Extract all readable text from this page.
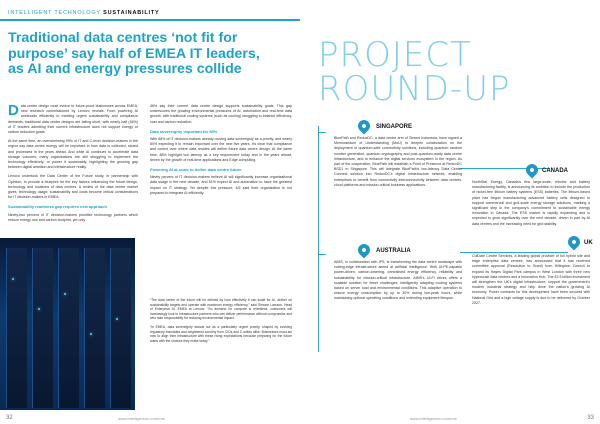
INTELLIGENT TECHNOLOGY SUSTAINABILITY
Traditional data centres ‘not fit for purpose’ say half of EMEA IT leaders, as AI and energy pressures collide

Data centre design must evolve to future-proof businesses across EMEA, new research commissioned by Lenovo reveals. From powering AI workloads efficiently to meeting urgent sustainability and compliance demands, traditional data centre designs are falling short, with nearly half (46%) of IT leaders admitting their current infrastructure does not support energy or carbon reduction goals.

At the same time, an overwhelming 99% of IT and C-level decision-makers in the region say data centre energy will be important in how data is collected, stored and processed in the years ahead. And while AI continues to accelerate data storage volumes, many organisations are still struggling to implement the technology effectively, or power it sustainably, highlighting the growing gap between digital ambition and infrastructure reality.

Lenovo undertook the Data Center of the Future study, in partnership with Opinium, to provide a blueprint for the key factors influencing the future design, technology and locations of data centres. A review of the data centre market gives, technology usage, sustainability and costs became critical considerations for IT decision-makers in EMEA.

Sustainability readiness gap requires new approach

Ninety-two percent of IT decision-makers prioritise technology partners which reduce energy use and carbon footprint, yet only

46% say their current data centre design supports sustainability goals. This gap underscores the growing environmental pressures of AI, automation and real-time data growth, with traditional cooling systems (such as cooling) struggling to balance efficiency, cost and carbon reduction.

Data sovereignty important for 80%

With 88% of IT decision-makers already moving data sovereignty as a priority, and nearly 80% expecting it to remain important over the next five years, it’s clear that compliance and control over where data resides will define future data centre design. At the same time, 88% highlight low latency as a key requirement today and in the years ahead, driven by the growth of real-time applications and Edge computing.

Powering AI at scale to define data centre future

Ninety percent of IT decision-makers believe AI will significantly increase organisational data usage in the next decade, and 51% expect AI and automation to have the greatest impact on IT strategy. Yet despite this pressure, 4/5 said their organisation is not prepared to integrate AI efficiently.

“The data centre of the future will be defined by how effectively it can scale for AI, deliver on sustainability targets and operate with maximum energy efficiency,” said Simone Larsson, Head of Enterprise AI, EMEA at Lenovo. “So demand for compute is relentless; customers will increasingly look to infrastructure partners who can deliver performance without compromise and who take responsibility for reducing environmental impact.

“In EMEA, data sovereignty stands out as a particularly urgent priority, shaped by evolving regulatory mandates and heightened scrutiny from CIOs and C-suites alike. Businesses must act now to align their infrastructure with these rising expectations because preparing for the future starts with the choices they make today.”

32	www.intelligentcio.com/me
PROJECT
ROUND-UP
SINGAPORE
BluePath and ReduxDC, a data centre arm of Sinteni Indonesia, have signed a Memorandum of Understanding (MoU) to deepen collaboration on the deployment of quantum-safe connectivity solutions, including quantum random number generation, quantum cryptography and post-quantum-ready data centre infrastructure, and to enhance the digital services ecosystem in the region. As part of the cooperation, BluePath will establish a Point of Presence at ReduxDC BSD1 in Singapore. This will integrate BluePath’s low-latency Data Center Connect solution into ReduxDC’s digital infrastructure network, enabling enterprises to benefit from connectivity interconnectivity between data centres, cloud platforms and mission-critical business applications.
CANADA
NorthStar Energy, Canada’s first large-scale, electric and battery manufacturing facility, is announcing its ambition to include the production of nickel-free lithium battery systems (ESS) batteries. The lithium-based plant has begun manufacturing advanced battery cells designed to support commercial and grid-scale energy storage solutions, marking a significant step in the company’s commitment to sustainable energy innovation in Canada. The ESS market is rapidly expanding and is expected to grow significantly over the next decade, driven in part by AI data centres and the increasing need for grid stability.
AUSTRALIA
AIMS, in collaboration with IPS, is transforming the data centre landscape with cutting-edge infrastructure aimed at artificial intelligence. With ULPE-capable power-driven, carbon-lowering, centralised energy efficiency, reliability and sustainability for mission-critical infrastructure. AIMS’s ULFI drives offers a scalable solution for fewer challenges, intelligently adapting cooling systems based on server load and environmental conditions. This adaptive operation to reduce energy consumption by up to 30% during low-peak hours, while maintaining optimal operating conditions and extending equipment lifespan.
UK
CulDate Centre Services, a leading global provider of full hybrid site and edge enterprise data centres, has announced that it has received committee approval (Resolution to Grant) from Hillingdon Council to expand its Hayes Digital Park campus in West London with three new hyperscale data centres and a Innovation Hub. The £2.5 billion investment will strengthen the UK’s digital infrastructure, support the government’s modern industrial strategy and help drive the nation’s growing AI economy. Power contracts for this development have been secured with National Grid and a high voltage supply is due to be delivered by October 2027.
www.intelligentcio.com/me	33
